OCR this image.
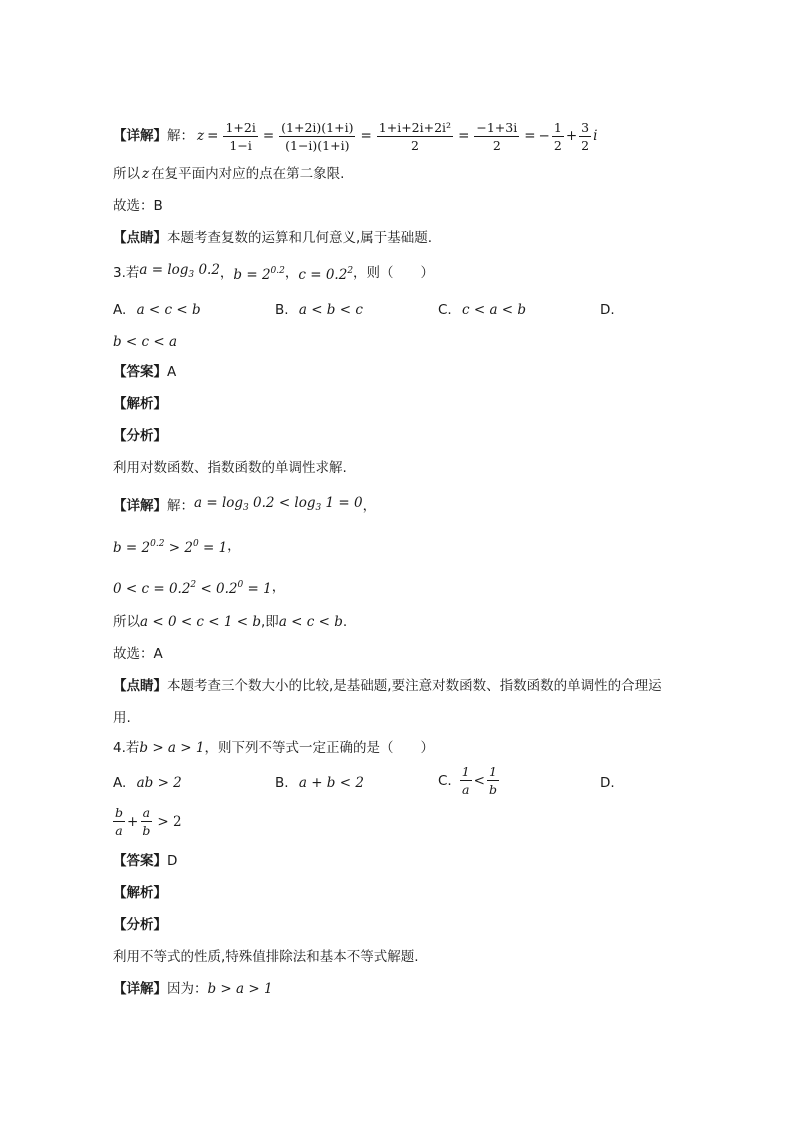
【详解】 解： $z = \frac{1+2i}{1-i} = \frac{(1+2i)(1+i)}{(1-i)(1+i)} = \frac{\text{1+i+2i+2i²}}{2} = \frac{-1+3i}{2}$ = − $\frac{1}{2} + \frac{3}{2}$ i
所以 z 在复平面内对应的点在第二象限.
故选：B
【点睛】 本题考查复数的运算和几何意义,属于基础题.
3.若 $a = \log_3 0.2$ ， $b = 2^{0.2}$ ， $c = 0.2^2$ ，则（　　）
A. a < c < b	B. a < b < c	C. c < a < b	D.
b < c < a
【答案】 A
【解析】
【分析】
利用对数函数、指数函数的单调性求解.
【详解】 解： $a = \log_3 0.2 < \log_3 1 = 0$ ，
$b = 2^{0.2} > 2^0 = 1$ ，
$0 < c = 0.2^2 < 0.2^0 = 1$ ，
所以 a < 0 < c < 1 < b ,即 a < c < b .
故选：A
【点睛】 本题考查三个数大小的比较,是基础题,要注意对数函数、指数函数的单调性的合理运
用.
4.若 b > a > 1 ，则下列不等式一定正确的是（　　）
A. ab > 2	B. a + b < 2	C. $\frac{1}{a} < \frac{1}{b}$	D.
$\frac{b}{a} + \frac{a}{b} > 2$
【答案】 D
【解析】
【分析】
利用不等式的性质,特殊值排除法和基本不等式解题.
【详解】 因为： b > a > 1
